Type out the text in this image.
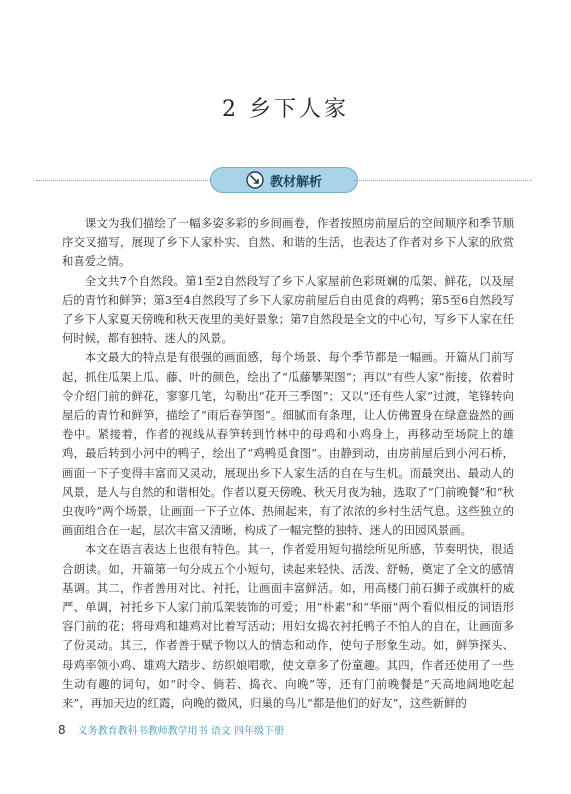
2 乡下人家
教材解析

课文为我们描绘了一幅多姿多彩的乡间画卷，作者按照房前屋后的空间顺序和季节顺序交叉描写，展现了乡下人家朴实、自然、和谐的生活，也表达了作者对乡下人家的欣赏和喜爱之情。

全文共7个自然段。第1至2自然段写了乡下人家屋前色彩斑斓的瓜架、鲜花，以及屋后的青竹和鲜笋；第3至4自然段写了乡下人家房前屋后自由觅食的鸡鸭；第5至6自然段写了乡下人家夏天傍晚和秋天夜里的美好景象；第7自然段是全文的中心句，写乡下人家在任何时候，都有独特、迷人的风景。

本文最大的特点是有很强的画面感，每个场景、每个季节都是一幅画。开篇从门前写起，抓住瓜架上瓜、藤、叶的颜色，绘出了“瓜藤攀架图”；再以“有些人家”衔接，依着时令介绍门前的鲜花，寥寥几笔，勾勒出“花开三季图”；又以“还有些人家”过渡，笔锋转向屋后的青竹和鲜笋，描绘了“雨后春笋图”。细腻而有条理，让人仿佛置身在绿意盎然的画卷中。紧接着，作者的视线从春笋转到竹林中的母鸡和小鸡身上，再移动至场院上的雄鸡，最后转到小河中的鸭子，绘出了“鸡鸭觅食图”。由静到动，由房前屋后到小河石桥，画面一下子变得丰富而又灵动，展现出乡下人家生活的自在与生机。而最突出、最动人的风景，是人与自然的和谐相处。作者以夏天傍晚、秋天月夜为轴，选取了“门前晚餐”和“秋虫夜吟”两个场景，让画面一下子立体、热闹起来，有了浓浓的乡村生活气息。这些独立的画面组合在一起，层次丰富又清晰，构成了一幅完整的独特、迷人的田园风景画。

本文在语言表达上也很有特色。其一，作者爱用短句描绘所见所感，节奏明快，很适合朗读。如，开篇第一句分成五个小短句，读起来轻快、活泼、舒畅，奠定了全文的感情基调。其二，作者善用对比、衬托，让画面丰富鲜活。如，用高楼门前石狮子或旗杆的威严、单调，衬托乡下人家门前瓜架装饰的可爱；用“朴素”和“华丽”两个看似相反的词语形容门前的花；将母鸡和雄鸡对比着写活动；用妇女捣衣衬托鸭子不怕人的自在，让画面多了份灵动。其三，作者善于赋予物以人的情态和动作，使句子形象生动。如，鲜笋探头、母鸡率领小鸡、雄鸡大踏步、纺织娘唱歌，使文章多了份童趣。其四，作者还使用了一些生动有趣的词句，如“时令、倘若、捣衣、向晚”等，还有门前晚餐是“天高地阔地吃起来”，再加天边的红霞，向晚的微风，归巢的鸟儿“都是他们的好友”，这些新鲜的

8 义务教育教科书教师教学用书 语文 四年级下册
